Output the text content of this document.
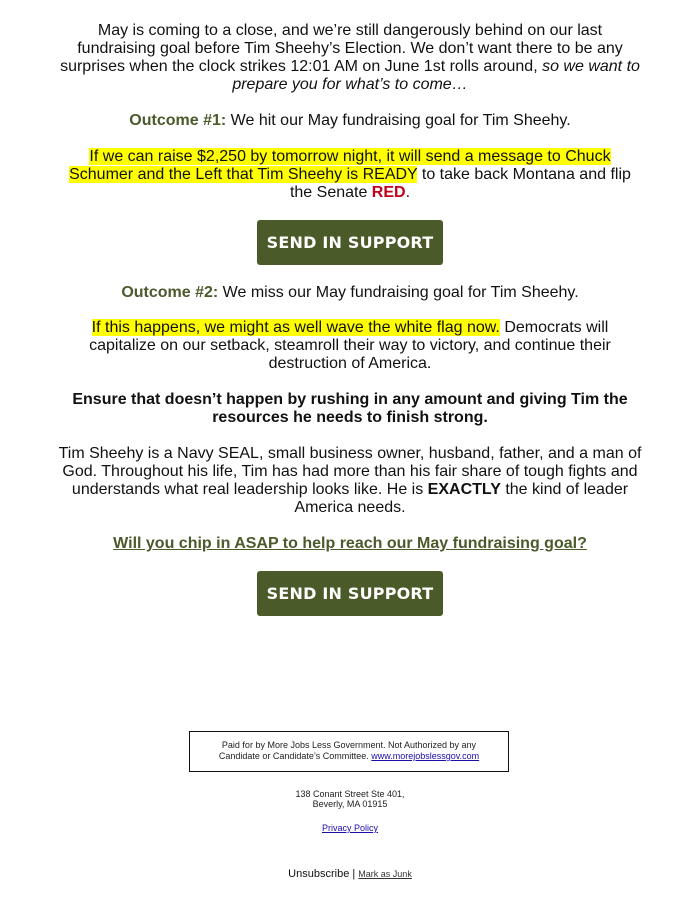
May is coming to a close, and we’re still dangerously behind on our last
fundraising goal before Tim Sheehy’s Election. We don’t want there to be any
surprises when the clock strikes 12:01 AM on June 1st rolls around, so we want to
prepare you for what’s to come…

Outcome #1: We hit our May fundraising goal for Tim Sheehy.

If we can raise $2,250 by tomorrow night, it will send a message to Chuck
Schumer and the Left that Tim Sheehy is READY to take back Montana and flip
the Senate RED.

SEND IN SUPPORT

Outcome #2: We miss our May fundraising goal for Tim Sheehy.

If this happens, we might as well wave the white flag now. Democrats will
capitalize on our setback, steamroll their way to victory, and continue their
destruction of America.

Ensure that doesn’t happen by rushing in any amount and giving Tim the
resources he needs to finish strong.

Tim Sheehy is a Navy SEAL, small business owner, husband, father, and a man of
God. Throughout his life, Tim has had more than his fair share of tough fights and
understands what real leadership looks like. He is EXACTLY the kind of leader
America needs.

Will you chip in ASAP to help reach our May fundraising goal?

SEND IN SUPPORT
Paid for by More Jobs Less Government. Not Authorized by any
Candidate or Candidate’s Committee. www.morejobslessgov.com

138 Conant Street Ste 401,
Beverly, MA 01915

Privacy Policy

Unsubscribe | Mark as Junk
